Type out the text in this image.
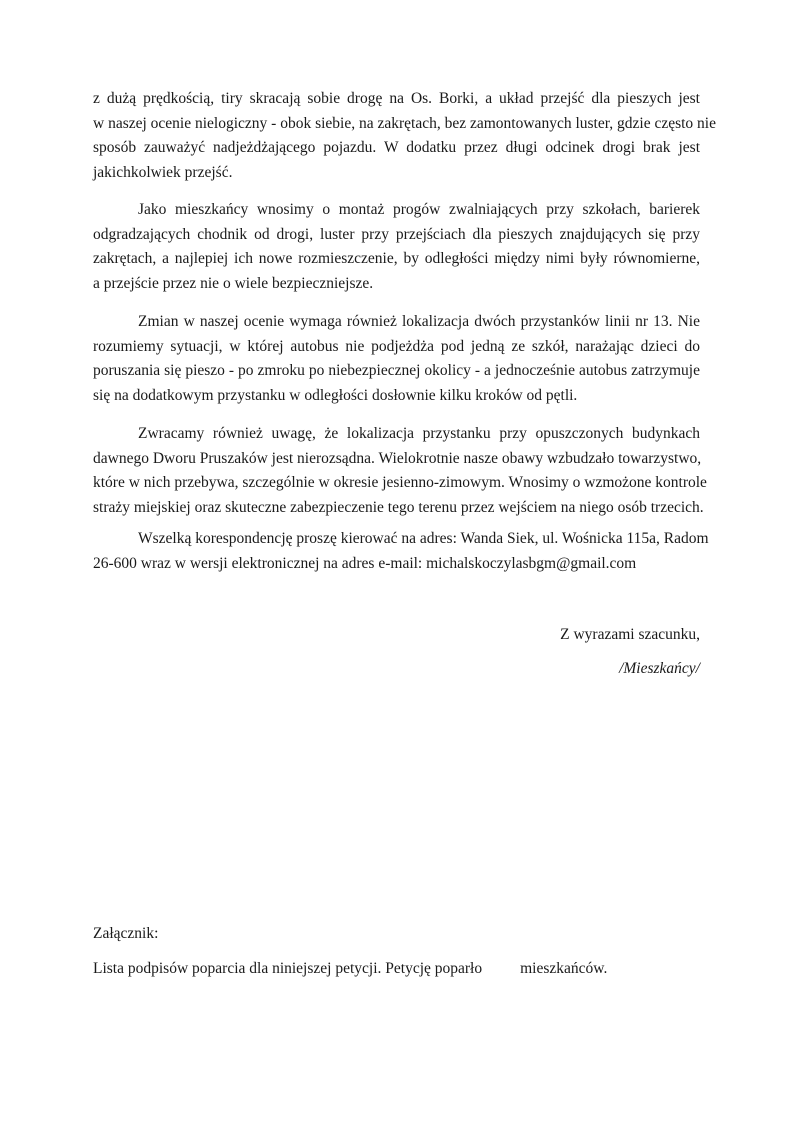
z dużą prędkością, tiry skracają sobie drogę na Os. Borki, a układ przejść dla pieszych jest
w naszej ocenie nielogiczny - obok siebie, na zakrętach, bez zamontowanych luster, gdzie często nie
sposób zauważyć nadjeżdżającego pojazdu. W dodatku przez długi odcinek drogi brak jest
jakichkolwiek przejść.
Jako mieszkańcy wnosimy o montaż progów zwalniających przy szkołach, barierek
odgradzających chodnik od drogi, luster przy przejściach dla pieszych znajdujących się przy
zakrętach, a najlepiej ich nowe rozmieszczenie, by odległości między nimi były równomierne,
a przejście przez nie o wiele bezpieczniejsze.
Zmian w naszej ocenie wymaga również lokalizacja dwóch przystanków linii nr 13. Nie
rozumiemy sytuacji, w której autobus nie podjeżdża pod jedną ze szkół, narażając dzieci do
poruszania się pieszo - po zmroku po niebezpiecznej okolicy - a jednocześnie autobus zatrzymuje
się na dodatkowym przystanku w odległości dosłownie kilku kroków od pętli.
Zwracamy również uwagę, że lokalizacja przystanku przy opuszczonych budynkach
dawnego Dworu Pruszaków jest nierozsądna. Wielokrotnie nasze obawy wzbudzało towarzystwo,
które w nich przebywa, szczególnie w okresie jesienno-zimowym. Wnosimy o wzmożone kontrole
straży miejskiej oraz skuteczne zabezpieczenie tego terenu przez wejściem na niego osób trzecich.
Wszelką korespondencję proszę kierować na adres: Wanda Siek, ul. Wośnicka 115a, Radom
26-600 wraz w wersji elektronicznej na adres e-mail: michalskoczylasbgm@gmail.com
Z wyrazami szacunku,
/Mieszkańcy/
Załącznik:
Lista podpisów poparcia dla niniejszej petycji. Petycję poparło mieszkańców.
